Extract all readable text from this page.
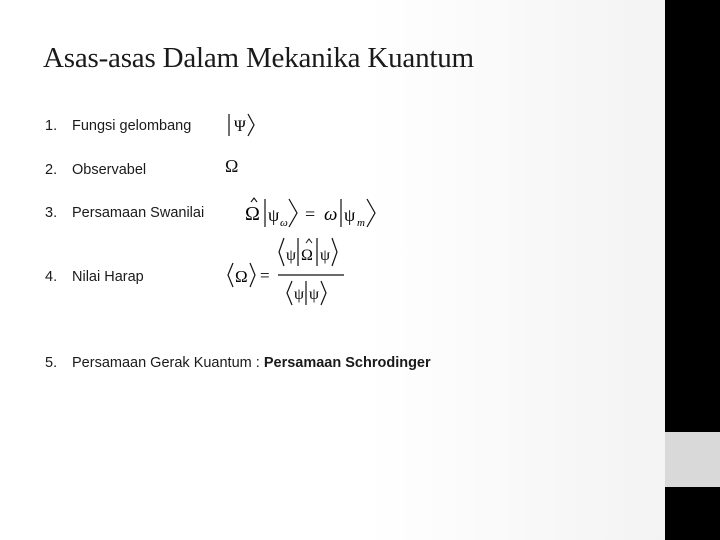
Asas-asas Dalam Mekanika Kuantum
1. Fungsi gelombang
2. Observabel
3. Persamaan Swanilai
4. Nilai Harap
5. Persamaan Gerak Kuantum : Persamaan Schrodinger
Ψ
Ω
Ω ψ ω = ω ψ m
Ω =
ψ Ω ψ
ψ ψ
